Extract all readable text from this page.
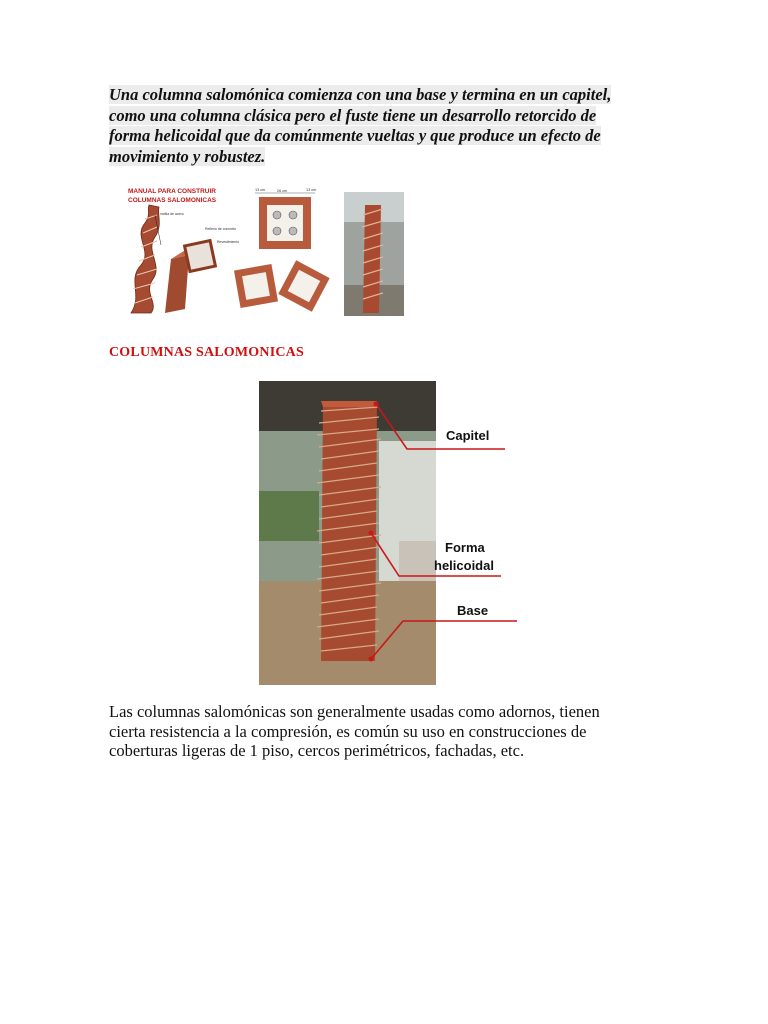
Una columna salomónica comienza con una base y termina en un capitel,
como una columna clásica pero el fuste tiene un desarrollo retorcido de
forma helicoidal que da comúnmente vueltas y que produce un efecto de
movimiento y robustez.

MANUAL PARA CONSTRUIR
COLUMNAS SALOMONICAS
varilla de acero
Relleno de concreto
Revestimiento
13 cm	26 cm	13 cm
COLUMNAS SALOMONICAS
Capitel
Forma
helicoidal
Base

Las columnas salomónicas son generalmente usadas como adornos, tienen
cierta resistencia a la compresión, es común su uso en construcciones de
coberturas ligeras de 1 piso, cercos perimétricos, fachadas, etc.
